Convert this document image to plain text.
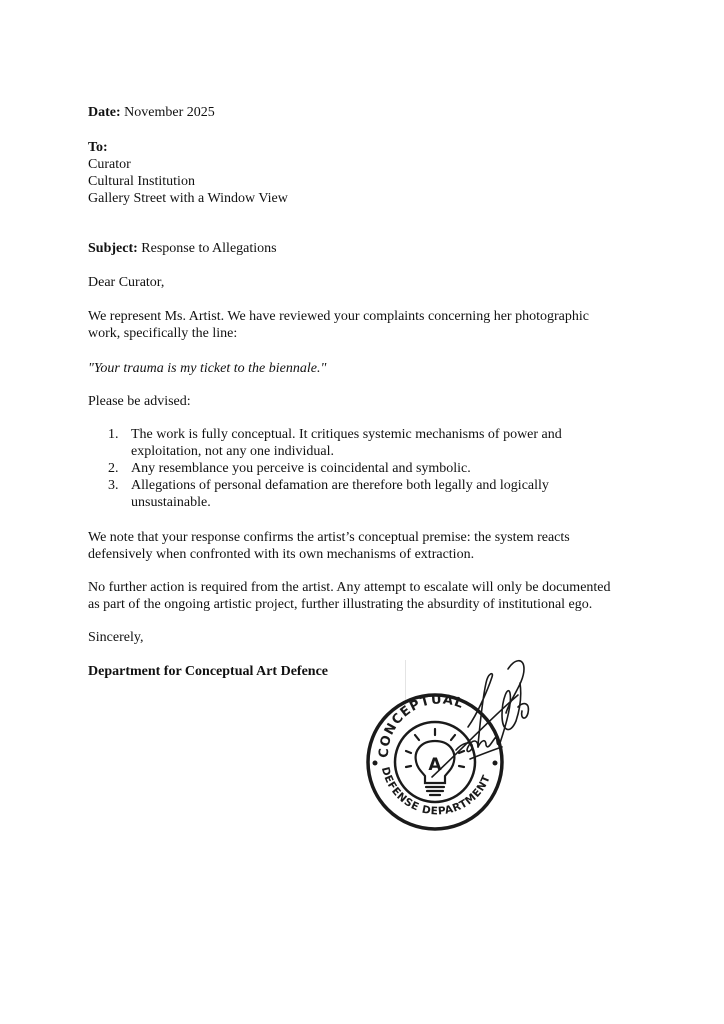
Date: November 2025
To:
Curator
Cultural Institution
Gallery Street with a Window View
Subject: Response to Allegations
Dear Curator,
We represent Ms. Artist. We have reviewed your complaints concerning her photographic
work, specifically the line:
"Your trauma is my ticket to the biennale."
Please be advised:
1. The work is fully conceptual. It critiques systemic mechanisms of power and
exploitation, not any one individual.
2. Any resemblance you perceive is coincidental and symbolic.
3. Allegations of personal defamation are therefore both legally and logically
unsustainable.
We note that your response confirms the artist’s conceptual premise: the system reacts
defensively when confronted with its own mechanisms of extraction.
No further action is required from the artist. Any attempt to escalate will only be documented
as part of the ongoing artistic project, further illustrating the absurdity of institutional ego.
Sincerely,
Department for Conceptual Art Defence
CONCEPTUAL
DEFENSE DEPARTMENT
A
